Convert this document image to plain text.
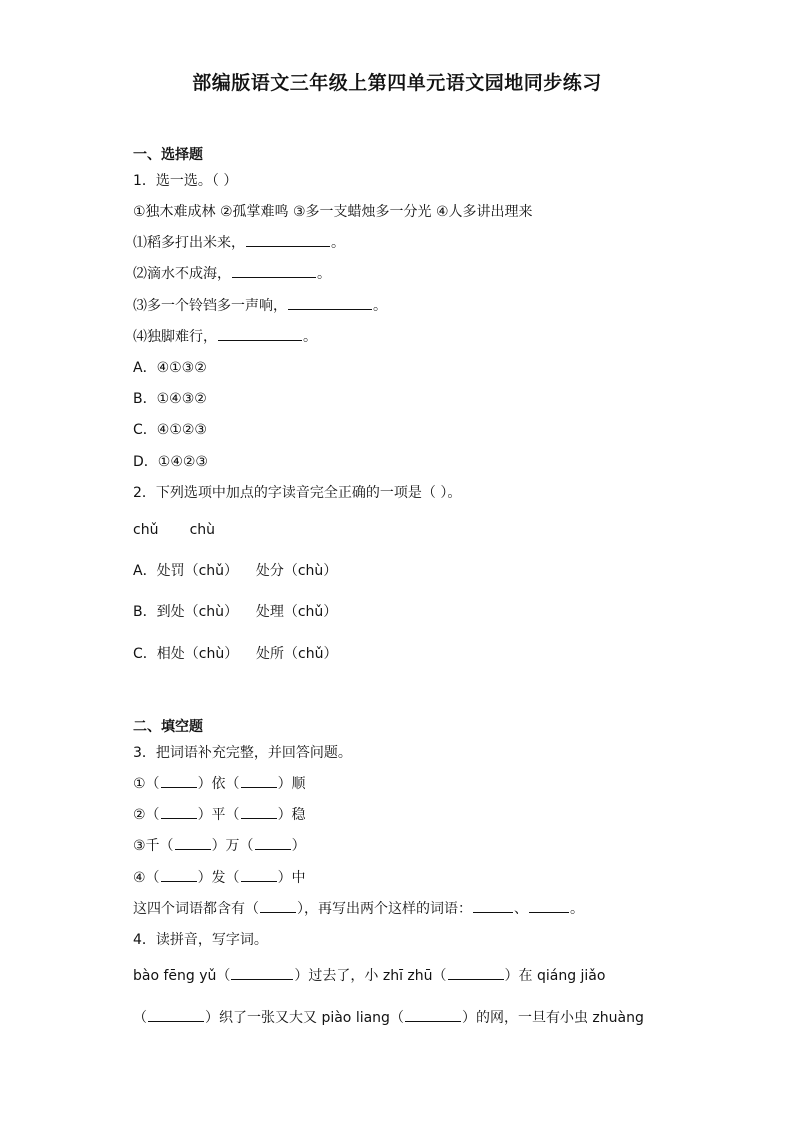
部编版语文三年级上第四单元语文园地同步练习
一、选择题
1．选一选。（ ）
①独木难成林 ②孤掌难鸣 ③多一支蜡烛多一分光 ④人多讲出理来
⑴稻多打出米来，	。
⑵滴水不成海，	。
⑶多一个铃铛多一声响，	。
⑷独脚难行，	。
A．④①③②
B．①④③②
C．④①②③
D．①④②③
2．下列选项中加点的字读音完全正确的一项是（ ）。
chǔ       chù
A．处罚（chǔ）    处分（chù）
B．到处（chù）    处理（chǔ）
C．相处（chù）    处所（chǔ）
二、填空题
3．把词语补充完整，并回答问题。
①（	）依（	）顺
②（	）平（	）稳
③千（	）万（	）
④（	）发（	）中
这四个词语都含有（	），再写出两个这样的词语：	、	。
4．读拼音，写字词。
bào fēng yǔ（	）过去了，小 zhī zhū（	）在 qiáng jiǎo
（	）织了一张又大又 piào liang（	）的网，一旦有小虫 zhuàng
